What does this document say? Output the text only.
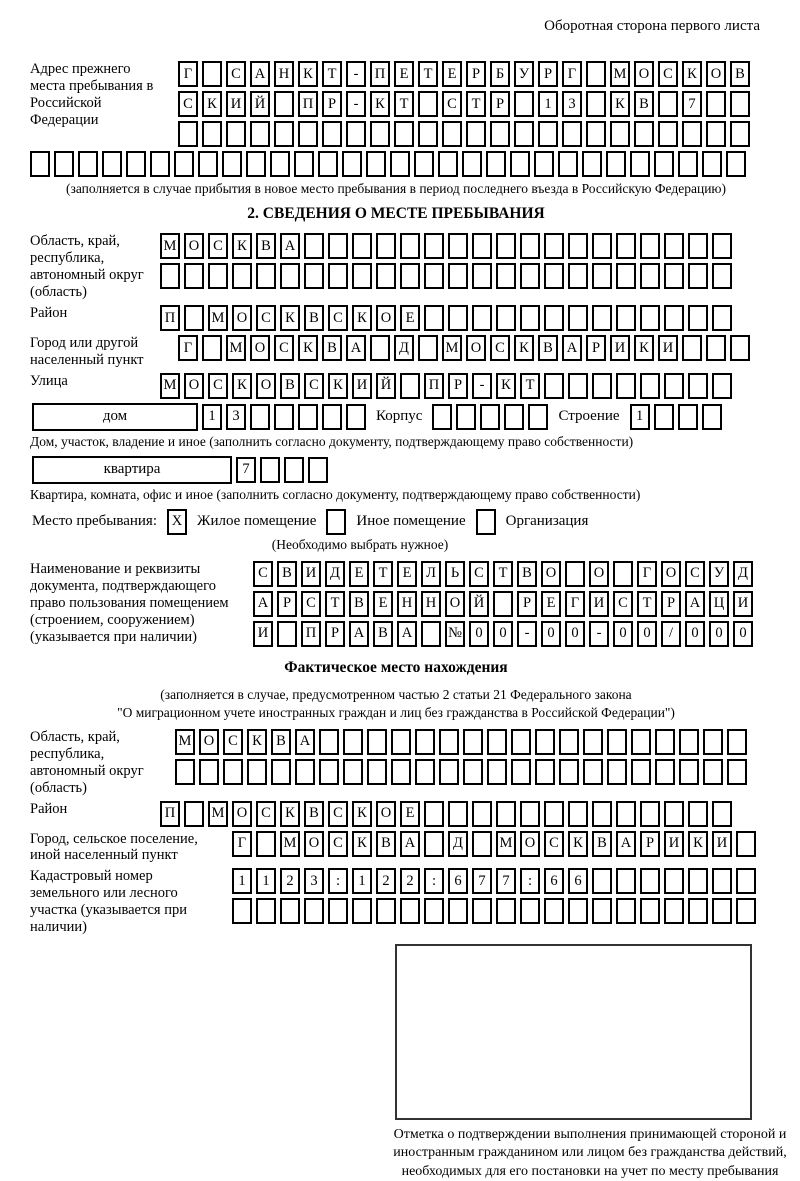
Оборотная сторона первого листа
Адрес прежнего места пребывания в Российской Федерации
Г	С А Н К	Т	-	П Е	Т	Е	Р	Б	У	Р	Г	М О С К О В
С К И Й	П	Р	-	К	Т	С	Т	Р	1	3	К В	7
(заполняется в случае прибытия в новое место пребывания в период последнего въезда в Российскую Федерацию)
2. СВЕДЕНИЯ О МЕСТЕ ПРЕБЫВАНИЯ
Область, край, республика, автономный округ (область)
М О С К В А
Район	П	М О С К В С К О Е
Город или другой населенный пункт
Г	М О С К В А	Д	М О С К В А	Р	И К И
Улица	М О С К О В С К И Й	П	Р	-	К	Т
дом	1	3	Корпус	Строение	1
Дом, участок, владение и иное (заполнить согласно документу, подтверждающему право собственности)
квартира	7
Квартира, комната, офис и иное (заполнить согласно документу, подтверждающему право собственности)
Место пребывания:	X Жилое помещение	Иное помещение	Организация
(Необходимо выбрать нужное)
Наименование и реквизиты документа, подтверждающего право пользования помещением (строением, сооружением) (указывается при наличии)
С В И Д	Е	Т	Е	Л	Ь	С	Т	В О	О	Г	О С У Д
А	Р	С	Т	В	Е Н Н О Й	Р	Е	Г	И С	Т	Р	А Ц И
И	П	Р	А В А	№ 0	0	-	0	0	-	0	0	/	0	0	0
Фактическое место нахождения
(заполняется в случае, предусмотренном частью 2 статьи 21 Федерального закона
"О миграционном учете иностранных граждан и лиц без гражданства в Российской Федерации")
Область, край, республика, автономный округ (область)
М О С К В А
Район	П	М О С К В С К О Е
Город, сельское поселение, иной населенный пункт
Г	М О С К В А	Д	М О С К В А	Р	И К И
Кадастровый номер земельного или лесного участка (указывается при наличии)
1	1	2	3	:	1	2	2	:	6	7	7	:	6	6
Отметка о подтверждении выполнения принимающей стороной и иностранным гражданином или лицом без гражданства действий, необходимых для его постановки на учет по месту пребывания
